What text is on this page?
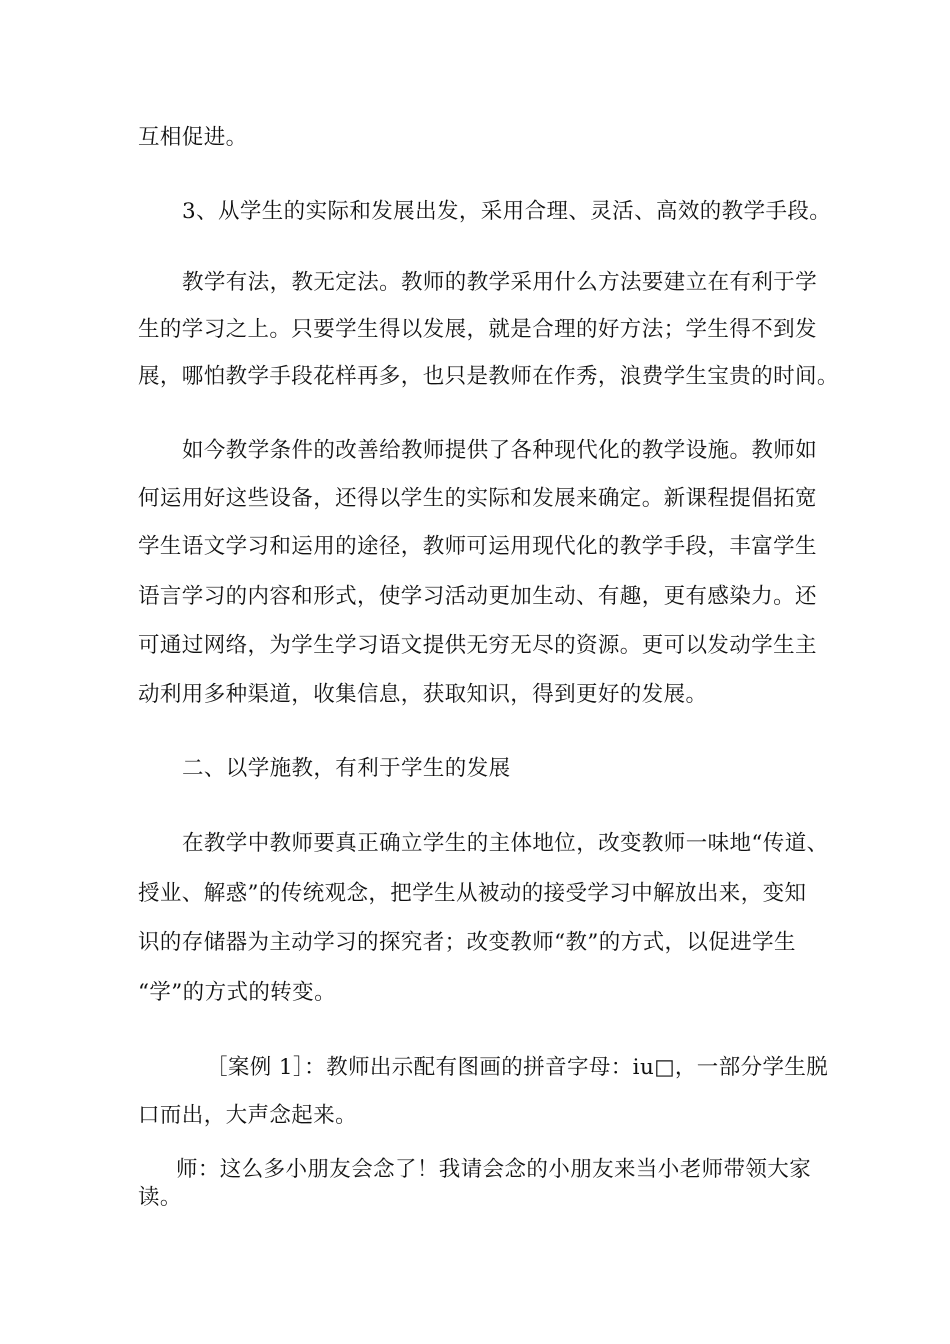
互相促进。
3、从学生的实际和发展出发，采用合理、灵活、高效的教学手段。
教学有法，教无定法。教师的教学采用什么方法要建立在有利于学
生的学习之上。只要学生得以发展，就是合理的好方法；学生得不到发
展，哪怕教学手段花样再多，也只是教师在作秀，浪费学生宝贵的时间。
如今教学条件的改善给教师提供了各种现代化的教学设施。教师如
何运用好这些设备，还得以学生的实际和发展来确定。新课程提倡拓宽
学生语文学习和运用的途径，教师可运用现代化的教学手段，丰富学生
语言学习的内容和形式，使学习活动更加生动、有趣，更有感染力。还
可通过网络，为学生学习语文提供无穷无尽的资源。更可以发动学生主
动利用多种渠道，收集信息，获取知识，得到更好的发展。
二、以学施教，有利于学生的发展
在教学中教师要真正确立学生的主体地位，改变教师一味地“传道、
授业、解惑”的传统观念，把学生从被动的接受学习中解放出来，变知
识的存储器为主动学习的探究者；改变教师“教”的方式，以促进学生
“学”的方式的转变。
［案例 1］：教师出示配有图画的拼音字母：iu□，一部分学生脱
口而出，大声念起来。
师：这么多小朋友会念了！我请会念的小朋友来当小老师带领大家
读。
